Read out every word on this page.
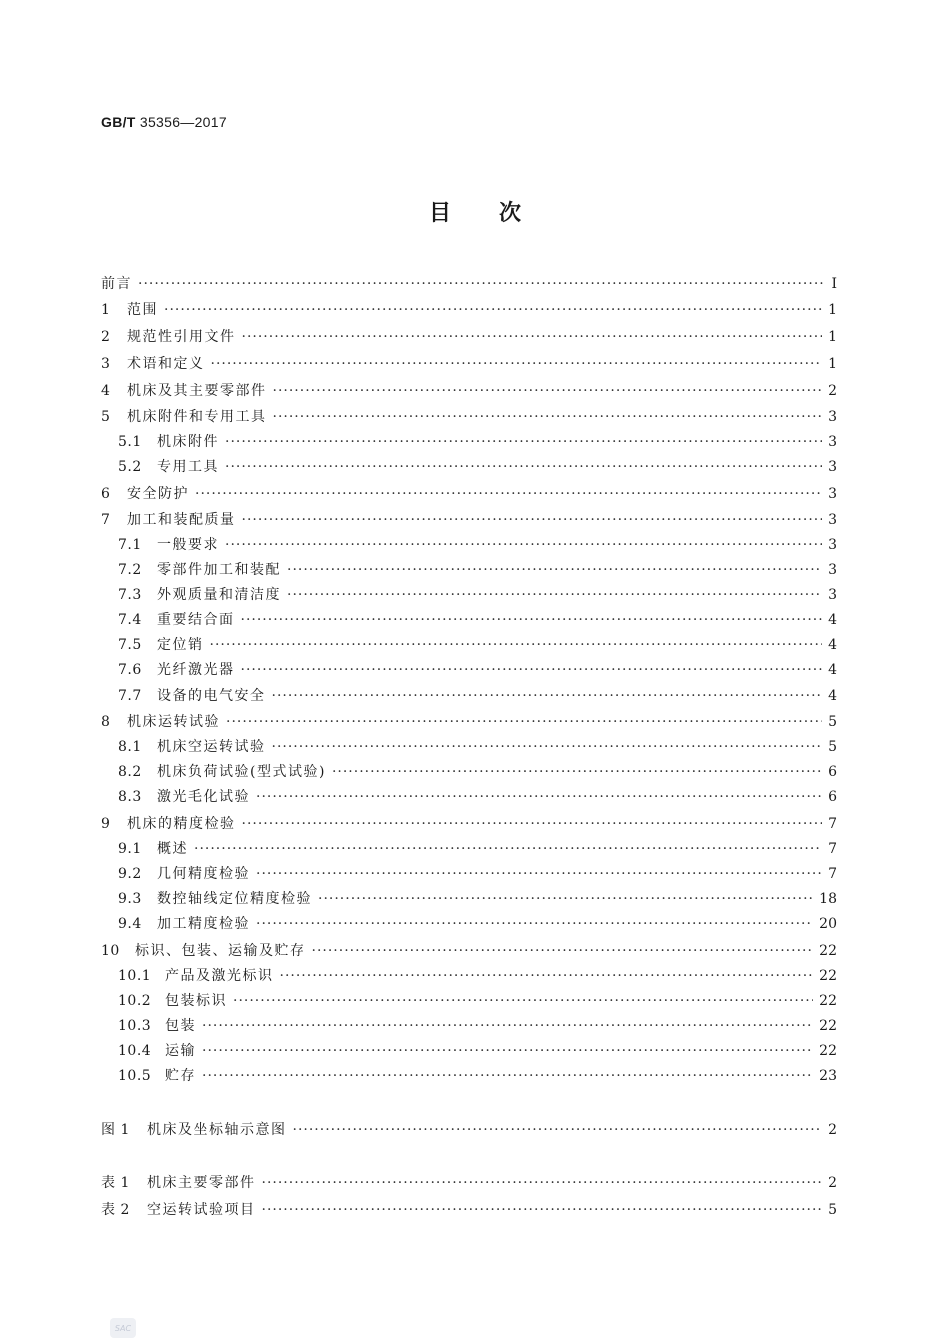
GB/T 35356—2017
目 次
前言 ·····	Ⅰ
1	范围 ·····	1
2	规范性引用文件 ·····	1
3	术语和定义 ·····	1
4	机床及其主要零部件 ·····	2
5	机床附件和专用工具 ·····	3
5.1	机床附件 ·····	3
5.2	专用工具 ·····	3
6	安全防护 ·····	3
7	加工和装配质量 ·····	3
7.1	一般要求 ·····	3
7.2	零部件加工和装配 ·····	3
7.3	外观质量和清洁度 ·····	3
7.4	重要结合面 ·····	4
7.5	定位销 ·····	4
7.6	光纤激光器 ·····	4
7.7	设备的电气安全 ·····	4
8	机床运转试验 ·····	5
8.1	机床空运转试验 ·····	5
8.2	机床负荷试验(型式试验) ·····	6
8.3	激光毛化试验 ·····	6
9	机床的精度检验 ·····	7
9.1	概述 ·····	7
9.2	几何精度检验 ·····	7
9.3	数控轴线定位精度检验 ·····	18
9.4	加工精度检验 ·····	20
10	标识、包装、运输及贮存 ·····	22
10.1 产品及激光标识 ·····	22
10.2 包装标识 ·····	22
10.3 包装 ·····	22
10.4 运输 ·····	22
10.5 贮存 ·····	23
图 1	机床及坐标轴示意图 ·····	2
表 1	机床主要零部件 ·····	2
表 2	空运转试验项目 ·····	5
SAC
